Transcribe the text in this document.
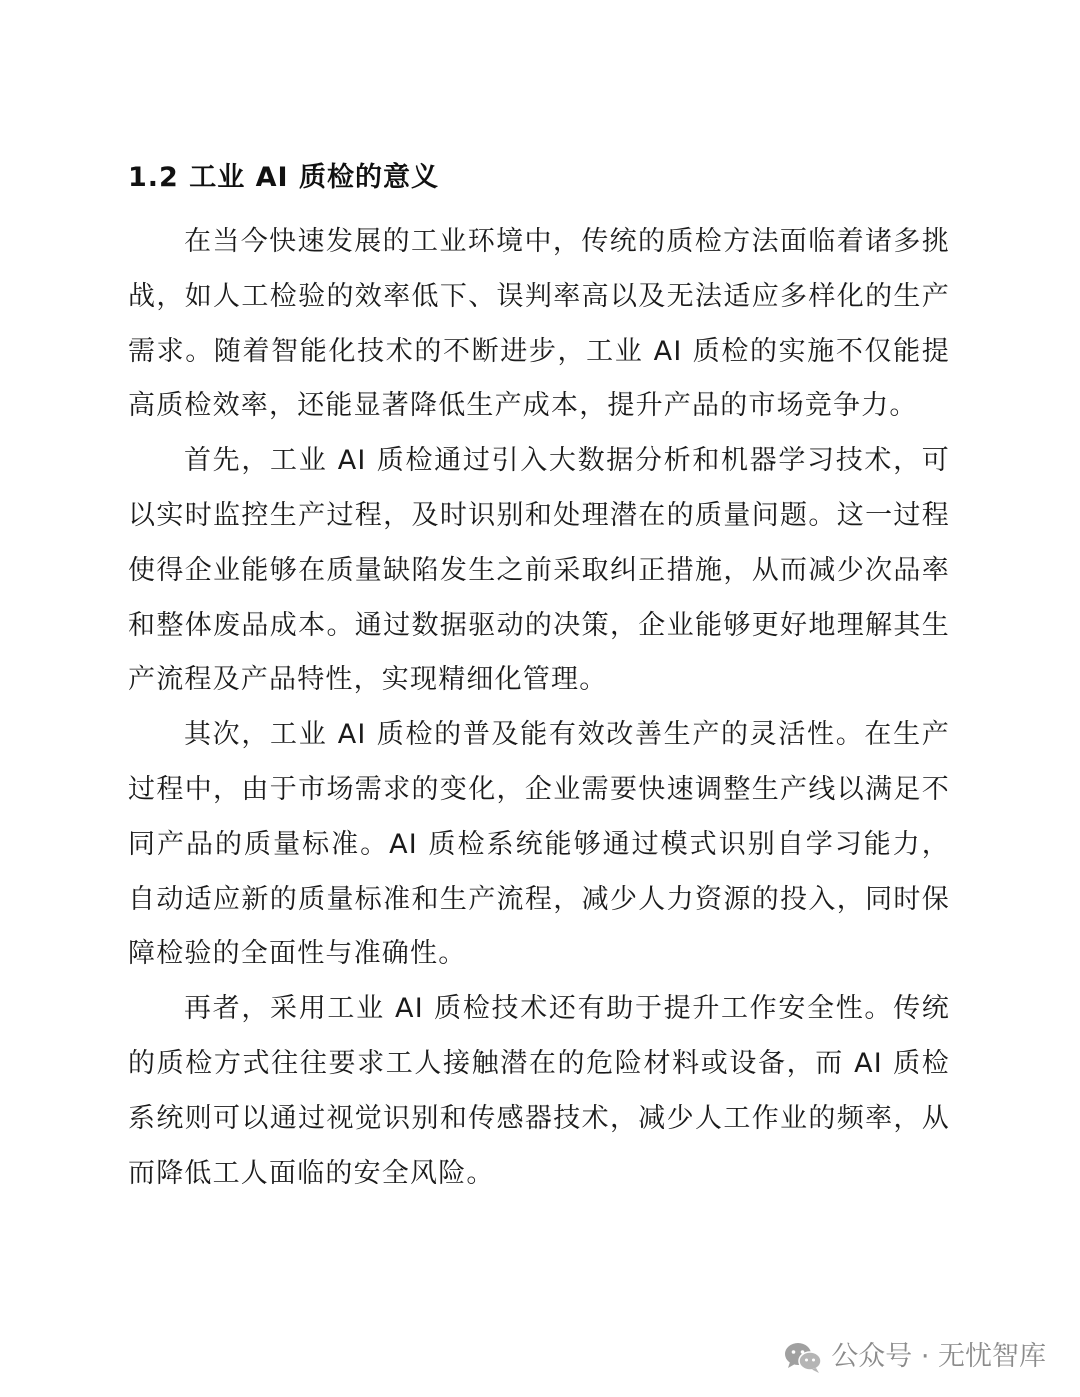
1.2 工业 AI 质检的意义

在当今快速发展的工业环境中，传统的质检方法面临着诸多挑战，如人工检验的效率低下、误判率高以及无法适应多样化的生产需求。随着智能化技术的不断进步，工业 AI 质检的实施不仅能提高质检效率，还能显著降低生产成本，提升产品的市场竞争力。

首先，工业 AI 质检通过引入大数据分析和机器学习技术，可以实时监控生产过程，及时识别和处理潜在的质量问题。这一过程使得企业能够在质量缺陷发生之前采取纠正措施，从而减少次品率和整体废品成本。通过数据驱动的决策，企业能够更好地理解其生产流程及产品特性，实现精细化管理。

其次，工业 AI 质检的普及能有效改善生产的灵活性。在生产过程中，由于市场需求的变化，企业需要快速调整生产线以满足不同产品的质量标准。AI 质检系统能够通过模式识别自学习能力，自动适应新的质量标准和生产流程，减少人力资源的投入，同时保障检验的全面性与准确性。

再者，采用工业 AI 质检技术还有助于提升工作安全性。传统的质检方式往往要求工人接触潜在的危险材料或设备，而 AI 质检系统则可以通过视觉识别和传感器技术，减少人工作业的频率，从而降低工人面临的安全风险。

公众号 · 无忧智库
